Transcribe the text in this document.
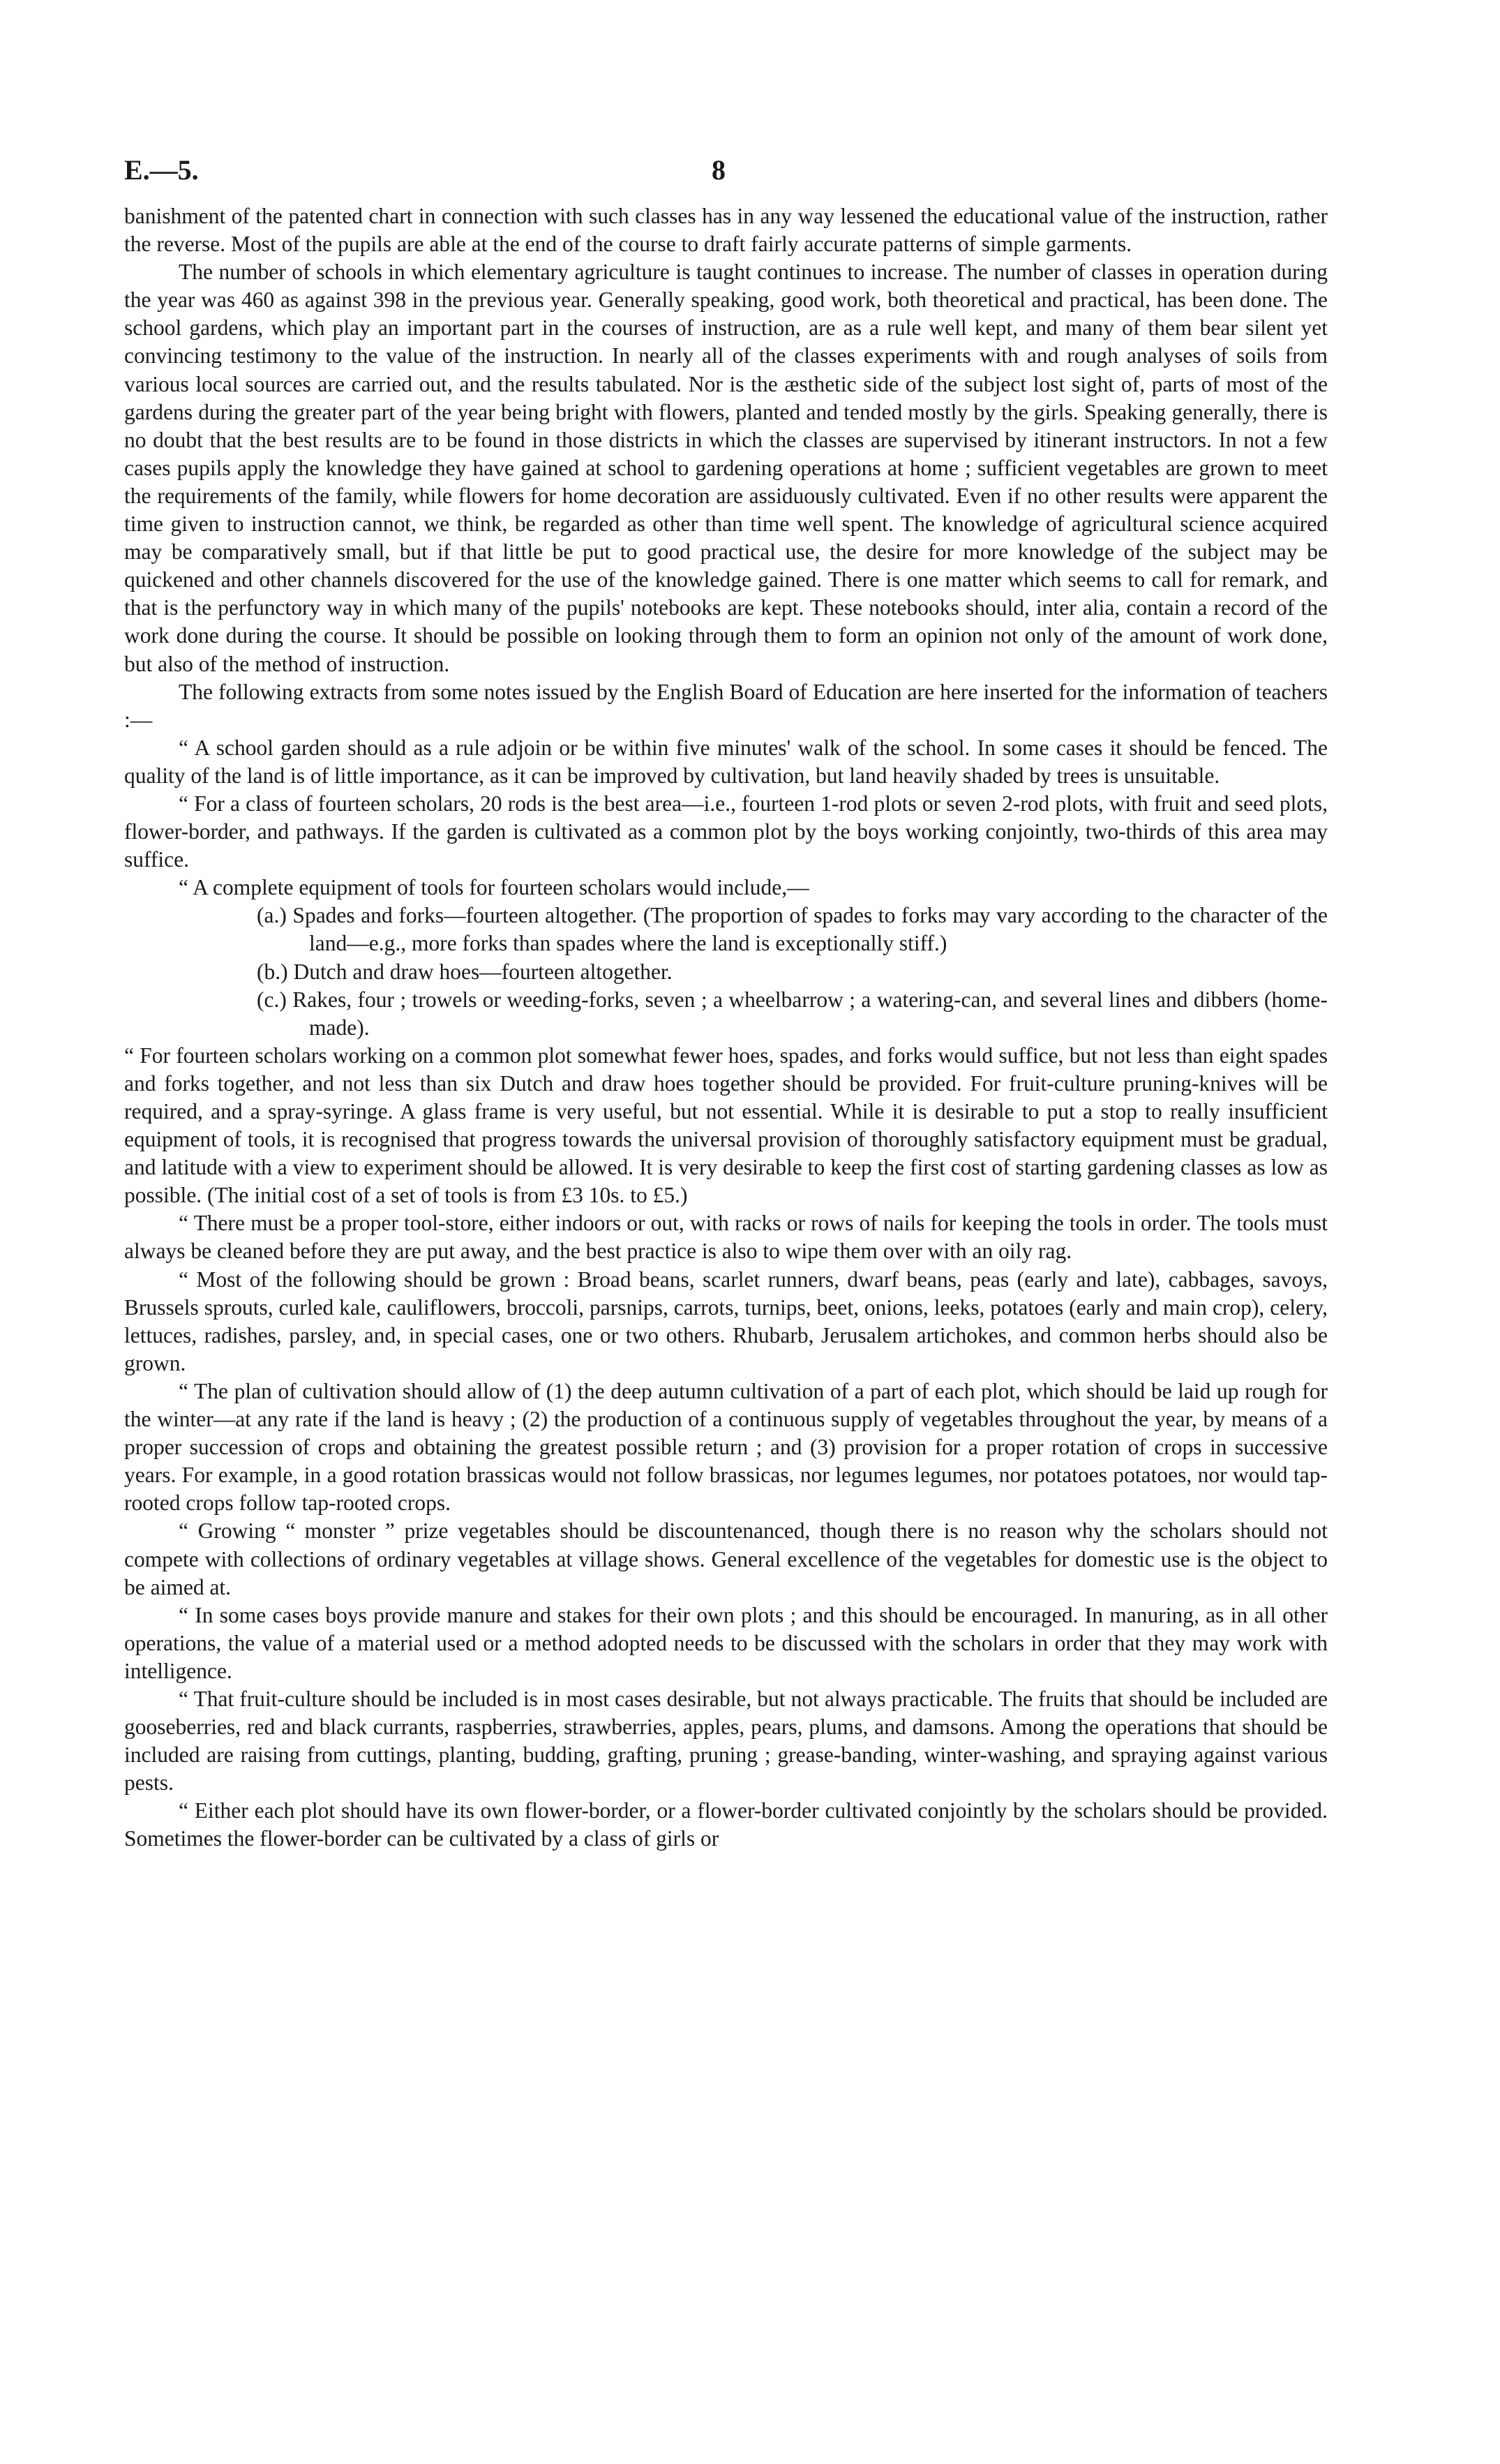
E.—5.	8

banishment of the patented chart in connection with such classes has in any way lessened the educational value of the instruction, rather the reverse. Most of the pupils are able at the end of the course to draft fairly accurate patterns of simple garments.

The number of schools in which elementary agriculture is taught continues to increase. The number of classes in operation during the year was 460 as against 398 in the previous year. Generally speaking, good work, both theoretical and practical, has been done. The school gardens, which play an important part in the courses of instruction, are as a rule well kept, and many of them bear silent yet convincing testimony to the value of the instruction. In nearly all of the classes experiments with and rough analyses of soils from various local sources are carried out, and the results tabulated. Nor is the æsthetic side of the subject lost sight of, parts of most of the gardens during the greater part of the year being bright with flowers, planted and tended mostly by the girls. Speaking generally, there is no doubt that the best results are to be found in those districts in which the classes are supervised by itinerant instructors. In not a few cases pupils apply the knowledge they have gained at school to gardening operations at home ; sufficient vegetables are grown to meet the requirements of the family, while flowers for home decoration are assiduously cultivated. Even if no other results were apparent the time given to instruction cannot, we think, be regarded as other than time well spent. The knowledge of agricultural science acquired may be comparatively small, but if that little be put to good practical use, the desire for more knowledge of the subject may be quickened and other channels discovered for the use of the knowledge gained. There is one matter which seems to call for remark, and that is the perfunctory way in which many of the pupils' notebooks are kept. These notebooks should, inter alia, contain a record of the work done during the course. It should be possible on looking through them to form an opinion not only of the amount of work done, but also of the method of instruction.

The following extracts from some notes issued by the English Board of Education are here inserted for the information of teachers :—

“ A school garden should as a rule adjoin or be within five minutes' walk of the school. In some cases it should be fenced. The quality of the land is of little importance, as it can be improved by cultivation, but land heavily shaded by trees is unsuitable.

“ For a class of fourteen scholars, 20 rods is the best area—i.e., fourteen 1-rod plots or seven 2-rod plots, with fruit and seed plots, flower-border, and pathways. If the garden is cultivated as a common plot by the boys working conjointly, two-thirds of this area may suffice.

“ A complete equipment of tools for fourteen scholars would include,—

(a.) Spades and forks—fourteen altogether. (The proportion of spades to forks may vary according to the character of the land—e.g., more forks than spades where the land is exceptionally stiff.)

(b.) Dutch and draw hoes—fourteen altogether.

(c.) Rakes, four ; trowels or weeding-forks, seven ; a wheelbarrow ; a watering-can, and several lines and dibbers (home-made).

“ For fourteen scholars working on a common plot somewhat fewer hoes, spades, and forks would suffice, but not less than eight spades and forks together, and not less than six Dutch and draw hoes together should be provided. For fruit-culture pruning-knives will be required, and a spray-syringe. A glass frame is very useful, but not essential. While it is desirable to put a stop to really insufficient equipment of tools, it is recognised that progress towards the universal provision of thoroughly satisfactory equipment must be gradual, and latitude with a view to experiment should be allowed. It is very desirable to keep the first cost of starting gardening classes as low as possible. (The initial cost of a set of tools is from £3 10s. to £5.)

“ There must be a proper tool-store, either indoors or out, with racks or rows of nails for keeping the tools in order. The tools must always be cleaned before they are put away, and the best practice is also to wipe them over with an oily rag.

“ Most of the following should be grown : Broad beans, scarlet runners, dwarf beans, peas (early and late), cabbages, savoys, Brussels sprouts, curled kale, cauliflowers, broccoli, parsnips, carrots, turnips, beet, onions, leeks, potatoes (early and main crop), celery, lettuces, radishes, parsley, and, in special cases, one or two others. Rhubarb, Jerusalem artichokes, and common herbs should also be grown.

“ The plan of cultivation should allow of (1) the deep autumn cultivation of a part of each plot, which should be laid up rough for the winter—at any rate if the land is heavy ; (2) the production of a continuous supply of vegetables throughout the year, by means of a proper succession of crops and obtaining the greatest possible return ; and (3) provision for a proper rotation of crops in successive years. For example, in a good rotation brassicas would not follow brassicas, nor legumes legumes, nor potatoes potatoes, nor would tap-rooted crops follow tap-rooted crops.

“ Growing “ monster ” prize vegetables should be discountenanced, though there is no reason why the scholars should not compete with collections of ordinary vegetables at village shows. General excellence of the vegetables for domestic use is the object to be aimed at.

“ In some cases boys provide manure and stakes for their own plots ; and this should be encouraged. In manuring, as in all other operations, the value of a material used or a method adopted needs to be discussed with the scholars in order that they may work with intelligence.

“ That fruit-culture should be included is in most cases desirable, but not always practicable. The fruits that should be included are gooseberries, red and black currants, raspberries, strawberries, apples, pears, plums, and damsons. Among the operations that should be included are raising from cuttings, planting, budding, grafting, pruning ; grease-banding, winter-washing, and spraying against various pests.

“ Either each plot should have its own flower-border, or a flower-border cultivated conjointly by the scholars should be provided. Sometimes the flower-border can be cultivated by a class of girls or
